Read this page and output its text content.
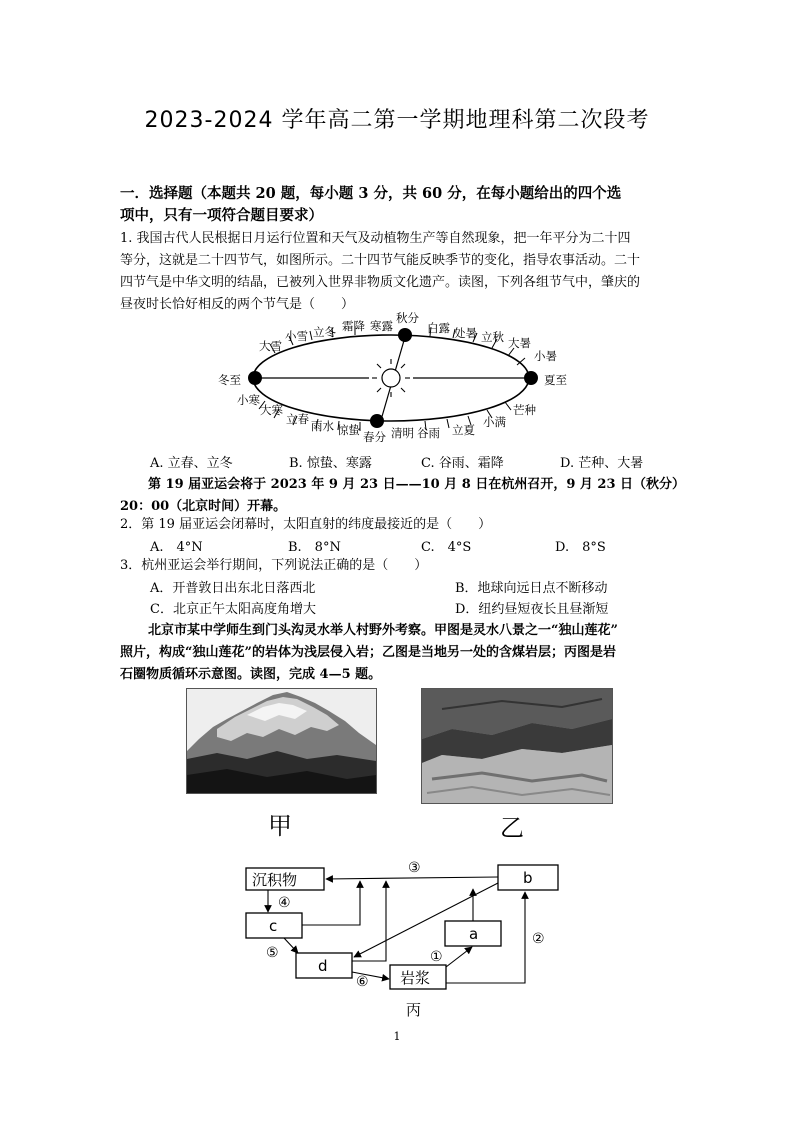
2023-2024 学年高二第一学期地理科第二次段考
一．选择题（本题共 20 题，每小题 3 分，共 60 分，在每小题给出的四个选
项中，只有一项符合题目要求）
1. 我国古代人民根据日月运行位置和天气及动植物生产等自然现象，把一年平分为二十四
等分，这就是二十四节气，如图所示。二十四节气能反映季节的变化，指导农事活动。二十
四节气是中华文明的结晶，已被列入世界非物质文化遗产。读图，下列各组节气中，肇庆的
昼夜时长恰好相反的两个节气是（　　）
秋分
白露 处暑 立秋 大暑
小暑
夏至
寒露
霜降
立冬
小雪
大雪
冬至
小寒
大寒
立春 雨水 惊蛰 春分 清明 谷雨 立夏
小满
芒种
A. 立春、立冬	B. 惊蛰、寒露	C. 谷雨、霜降	D. 芒种、大暑
第 19 届亚运会将于 2023 年 9 月 23 日——10 月 8 日在杭州召开，9 月 23 日（秋分）
20：00（北京时间）开幕。
2．第 19 届亚运会闭幕时，太阳直射的纬度最接近的是（　　）
A.　4°N	B.　8°N	C.　4°S	D.　8°S
3．杭州亚运会举行期间，下列说法正确的是（　　）
A．开普敦日出东北日落西北	B．地球向远日点不断移动
C．北京正午太阳高度角增大	D．纽约昼短夜长且昼渐短
北京市某中学师生到门头沟灵水举人村野外考察。甲图是灵水八景之一“独山莲花”
照片，构成“独山莲花”的岩体为浅层侵入岩；乙图是当地另一处的含煤岩层；丙图是岩
石圈物质循环示意图。读图，完成 4—5 题。
甲	乙
沉积物	b
c	a
d
岩浆
③
④
⑤	①
⑥
②
丙
1
